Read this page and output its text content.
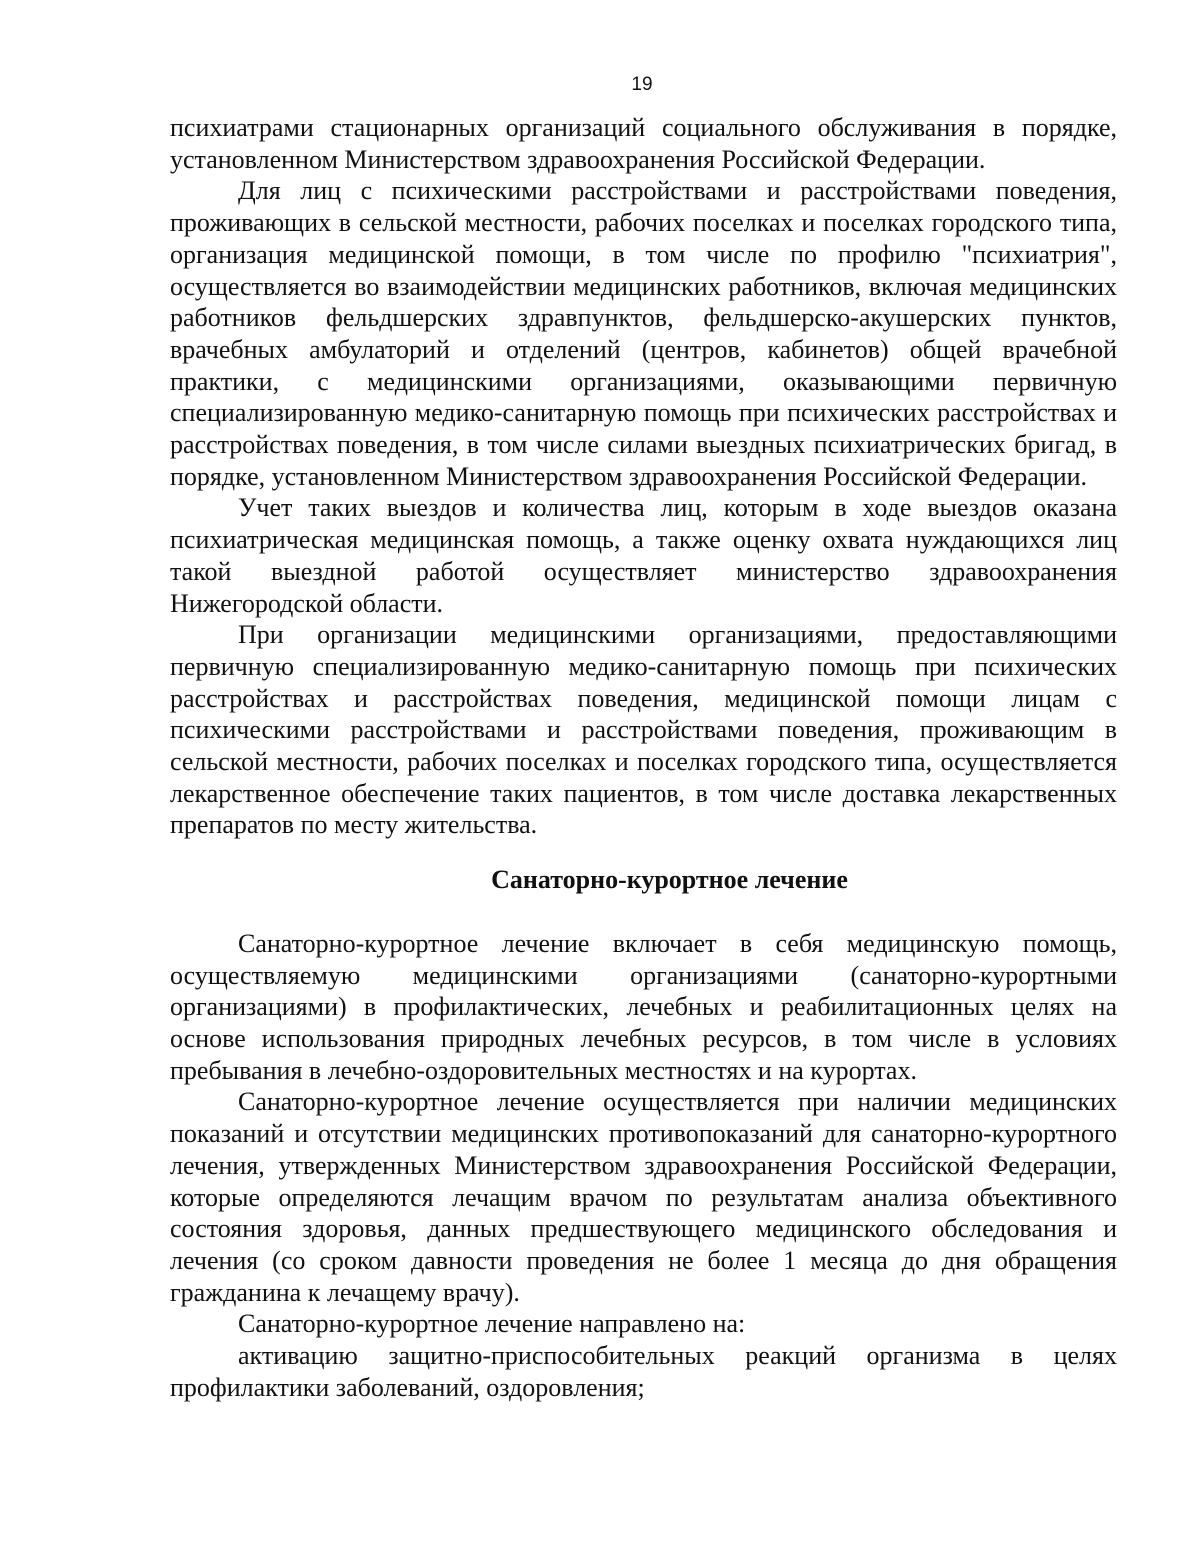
19

психиатрами стационарных организаций социального обслуживания в порядке, установленном Министерством здравоохранения Российской Федерации.

Для лиц с психическими расстройствами и расстройствами поведения, проживающих в сельской местности, рабочих поселках и поселках городского типа, организация медицинской помощи, в том числе по профилю "психиатрия", осуществляется во взаимодействии медицинских работников, включая медицинских работников фельдшерских здравпунктов, фельдшерско-акушерских пунктов, врачебных амбулаторий и отделений (центров, кабинетов) общей врачебной практики, с медицинскими организациями, оказывающими первичную специализированную медико-санитарную помощь при психических расстройствах и расстройствах поведения, в том числе силами выездных психиатрических бригад, в порядке, установленном Министерством здравоохранения Российской Федерации.

Учет таких выездов и количества лиц, которым в ходе выездов оказана психиатрическая медицинская помощь, а также оценку охвата нуждающихся лиц такой выездной работой осуществляет министерство здравоохранения Нижегородской области.

При организации медицинскими организациями, предоставляющими первичную специализированную медико-санитарную помощь при психических расстройствах и расстройствах поведения, медицинской помощи лицам с психическими расстройствами и расстройствами поведения, проживающим в сельской местности, рабочих поселках и поселках городского типа, осуществляется лекарственное обеспечение таких пациентов, в том числе доставка лекарственных препаратов по месту жительства.

Санаторно-курортное лечение

Санаторно-курортное лечение включает в себя медицинскую помощь, осуществляемую медицинскими организациями (санаторно-курортными организациями) в профилактических, лечебных и реабилитационных целях на основе использования природных лечебных ресурсов, в том числе в условиях пребывания в лечебно-оздоровительных местностях и на курортах.

Санаторно-курортное лечение осуществляется при наличии медицинских показаний и отсутствии медицинских противопоказаний для санаторно-курортного лечения, утвержденных Министерством здравоохранения Российской Федерации, которые определяются лечащим врачом по результатам анализа объективного состояния здоровья, данных предшествующего медицинского обследования и лечения (со сроком давности проведения не более 1 месяца до дня обращения гражданина к лечащему врачу).

Санаторно-курортное лечение направлено на:

активацию защитно-приспособительных реакций организма в целях профилактики заболеваний, оздоровления;
